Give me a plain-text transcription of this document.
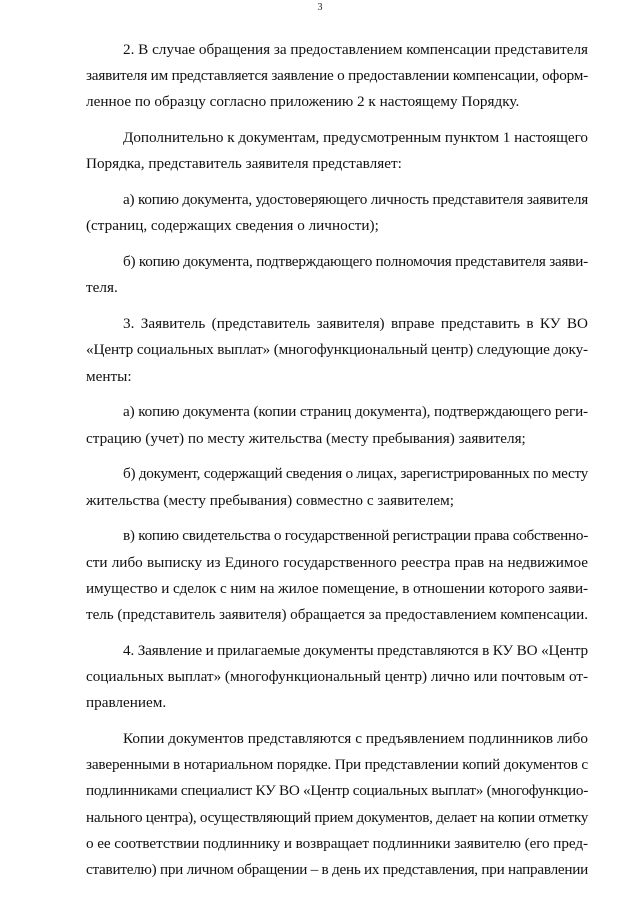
3
2. В случае обращения за предоставлением компенсации представителя
заявителя им представляется заявление о предоставлении компенсации, оформ-
ленное по образцу согласно приложению 2 к настоящему Порядку.
Дополнительно к документам, предусмотренным пунктом 1 настоящего
Порядка, представитель заявителя представляет:
а) копию документа, удостоверяющего личность представителя заявителя
(страниц, содержащих сведения о личности);
б) копию документа, подтверждающего полномочия представителя заяви-
теля.
3. Заявитель (представитель заявителя) вправе представить в КУ ВО
«Центр социальных выплат» (многофункциональный центр) следующие доку-
менты:
а) копию документа (копии страниц документа), подтверждающего реги-
страцию (учет) по месту жительства (месту пребывания) заявителя;
б) документ, содержащий сведения о лицах, зарегистрированных по месту
жительства (месту пребывания) совместно с заявителем;
в) копию свидетельства о государственной регистрации права собственно-
сти либо выписку из Единого государственного реестра прав на недвижимое
имущество и сделок с ним на жилое помещение, в отношении которого заяви-
тель (представитель заявителя) обращается за предоставлением компенсации.
4. Заявление и прилагаемые документы представляются в КУ ВО «Центр
социальных выплат» (многофункциональный центр) лично или почтовым от-
правлением.
Копии документов представляются с предъявлением подлинников либо
заверенными в нотариальном порядке. При представлении копий документов с
подлинниками специалист КУ ВО «Центр социальных выплат» (многофункцио-
нального центра), осуществляющий прием документов, делает на копии отметку
о ее соответствии подлиннику и возвращает подлинники заявителю (его пред-
ставителю) при личном обращении – в день их представления, при направлении
